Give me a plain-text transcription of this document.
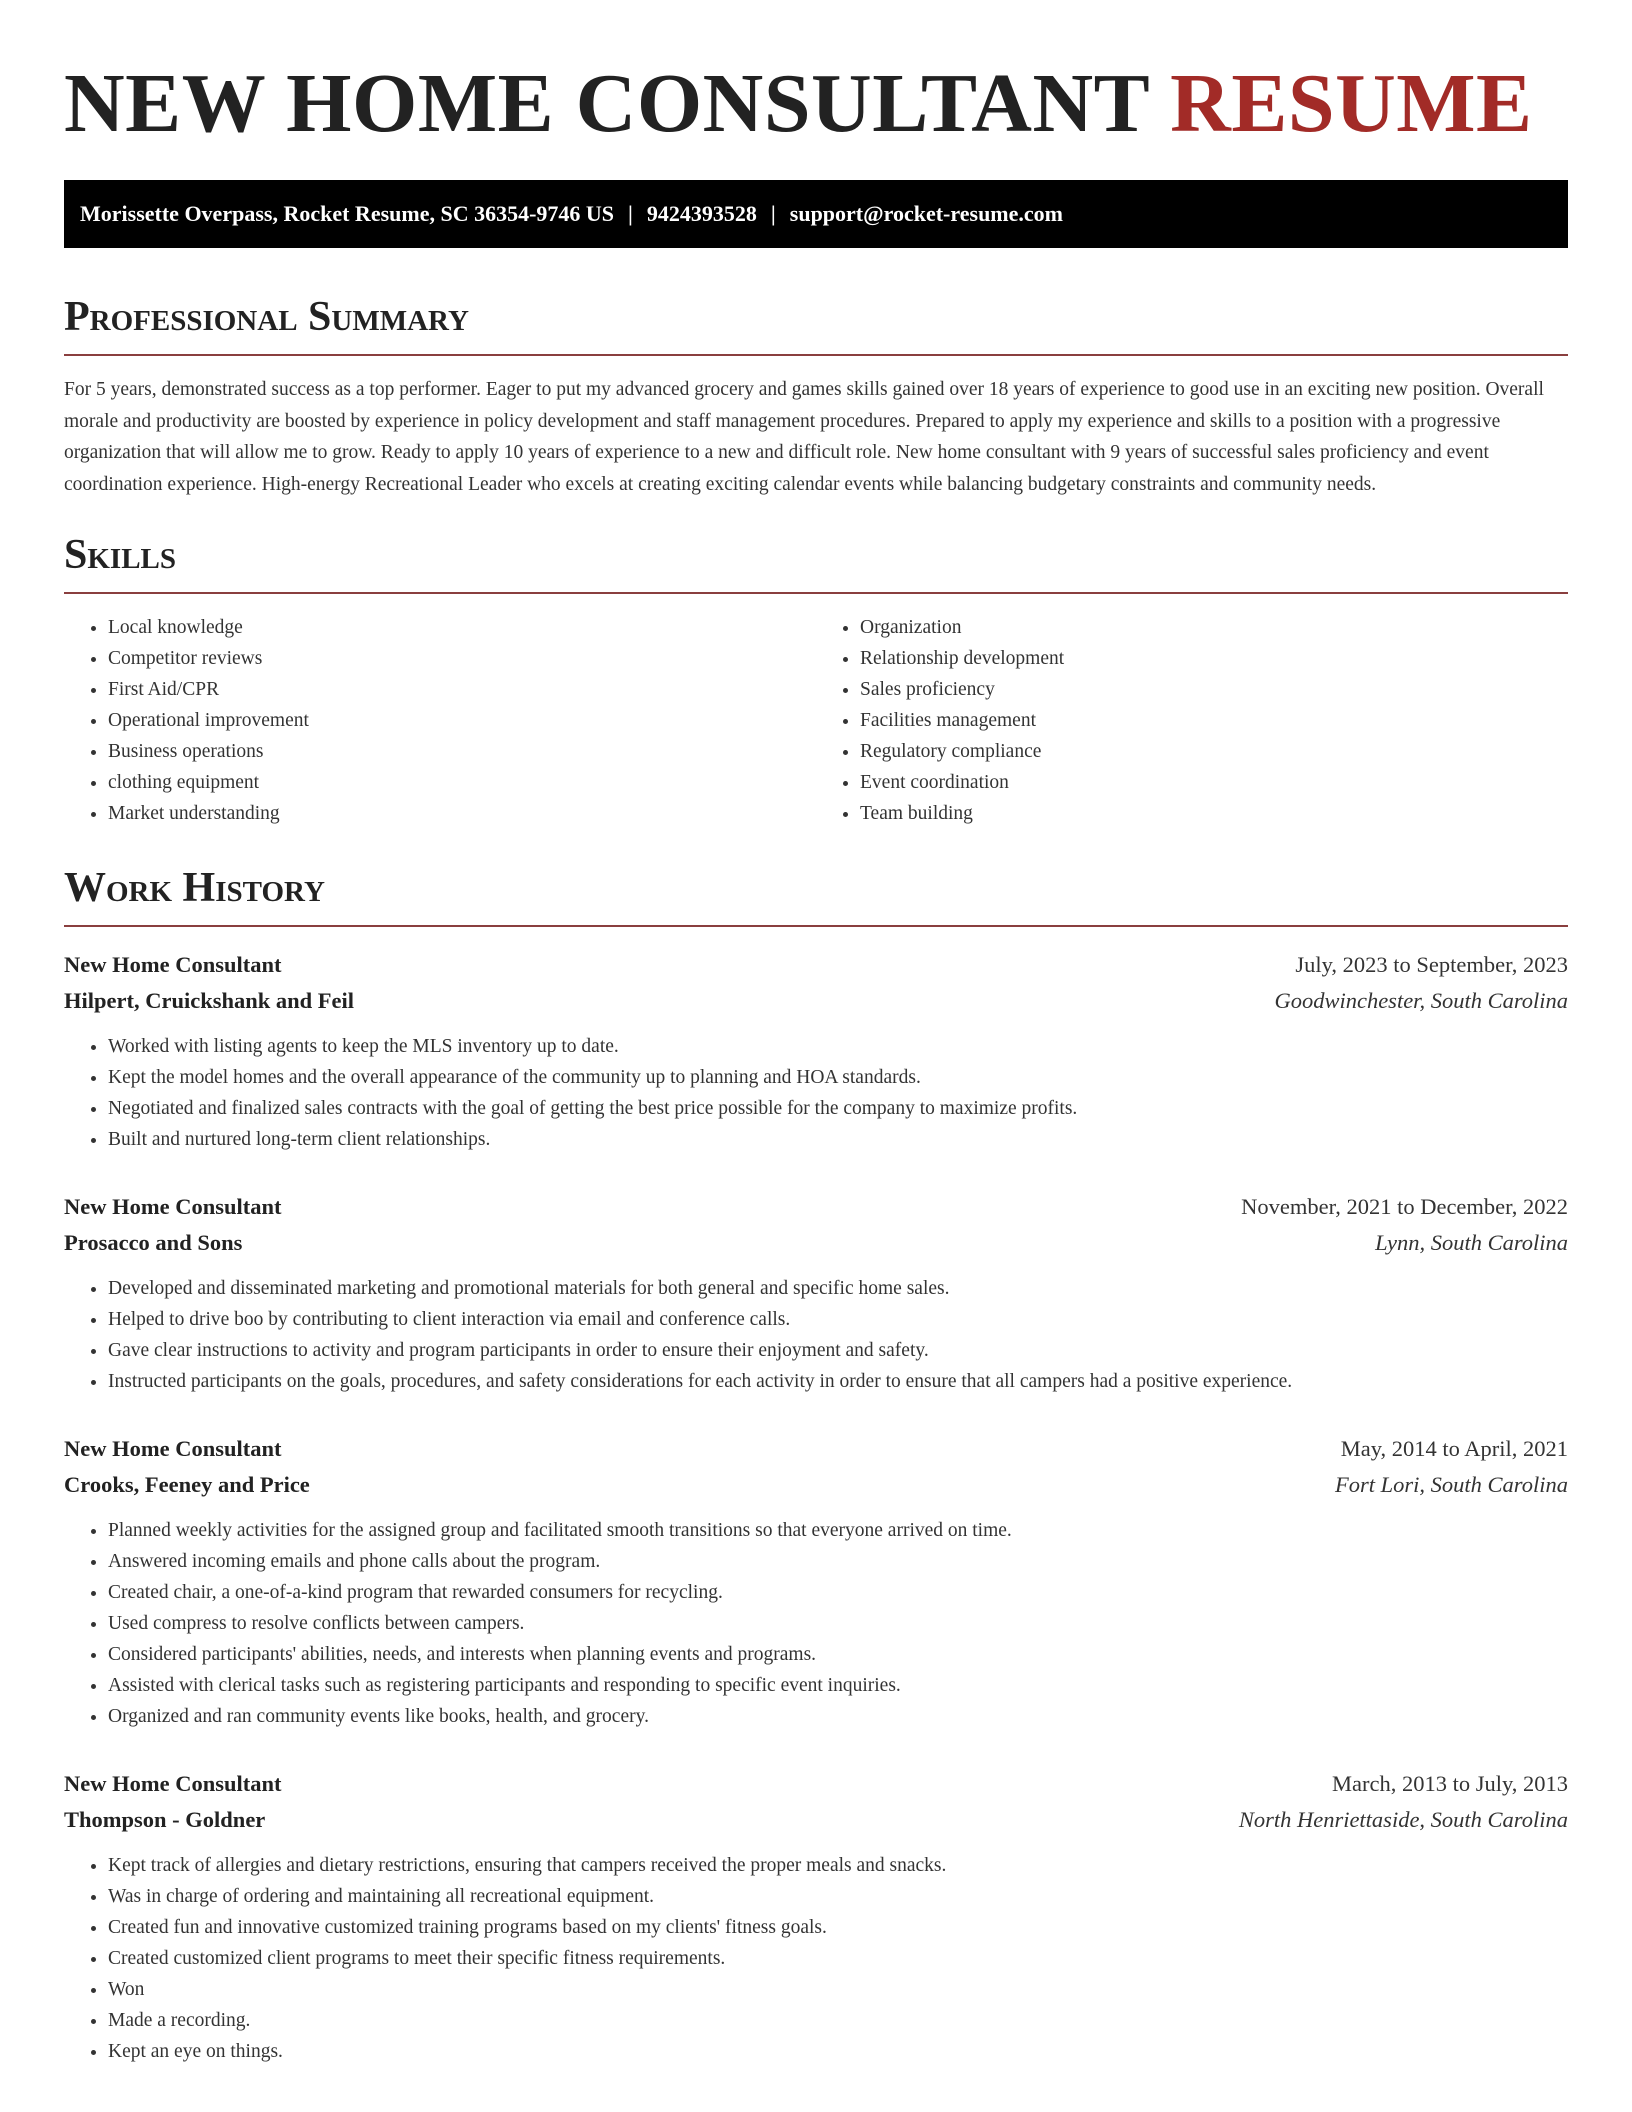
NEW HOME CONSULTANT RESUME
Morissette Overpass, Rocket Resume, SC 36354-9746 US | 9424393528 | support@rocket-resume.com
Professional Summary

For 5 years, demonstrated success as a top performer. Eager to put my advanced grocery and games skills gained over 18 years of experience to good use in an exciting new position. Overall morale and productivity are boosted by experience in policy development and staff management procedures. Prepared to apply my experience and skills to a position with a progressive organization that will allow me to grow. Ready to apply 10 years of experience to a new and difficult role. New home consultant with 9 years of successful sales proficiency and event coordination experience. High-energy Recreational Leader who excels at creating exciting calendar events while balancing budgetary constraints and community needs.

Skills
• Local knowledge
• Competitor reviews
• First Aid/CPR
• Operational improvement
• Business operations
• clothing equipment
• Market understanding
• Organization
• Relationship development
• Sales proficiency
• Facilities management
• Regulatory compliance
• Event coordination
• Team building
Work History
New Home Consultant	July, 2023 to September, 2023
Hilpert, Cruickshank and Feil	Goodwinchester, South Carolina
• Worked with listing agents to keep the MLS inventory up to date.
• Kept the model homes and the overall appearance of the community up to planning and HOA standards.
• Negotiated and finalized sales contracts with the goal of getting the best price possible for the company to maximize profits.
• Built and nurtured long-term client relationships.
New Home Consultant	November, 2021 to December, 2022
Prosacco and Sons	Lynn, South Carolina
• Developed and disseminated marketing and promotional materials for both general and specific home sales.
• Helped to drive boo by contributing to client interaction via email and conference calls.
• Gave clear instructions to activity and program participants in order to ensure their enjoyment and safety.
• Instructed participants on the goals, procedures, and safety considerations for each activity in order to ensure that all campers had a positive experience.
New Home Consultant	May, 2014 to April, 2021
Crooks, Feeney and Price	Fort Lori, South Carolina
• Planned weekly activities for the assigned group and facilitated smooth transitions so that everyone arrived on time.
• Answered incoming emails and phone calls about the program.
• Created chair, a one-of-a-kind program that rewarded consumers for recycling.
• Used compress to resolve conflicts between campers.
• Considered participants' abilities, needs, and interests when planning events and programs.
• Assisted with clerical tasks such as registering participants and responding to specific event inquiries.
• Organized and ran community events like books, health, and grocery.
New Home Consultant	March, 2013 to July, 2013
Thompson - Goldner	North Henriettaside, South Carolina
• Kept track of allergies and dietary restrictions, ensuring that campers received the proper meals and snacks.
• Was in charge of ordering and maintaining all recreational equipment.
• Created fun and innovative customized training programs based on my clients' fitness goals.
• Created customized client programs to meet their specific fitness requirements.
• Won
• Made a recording.
• Kept an eye on things.
